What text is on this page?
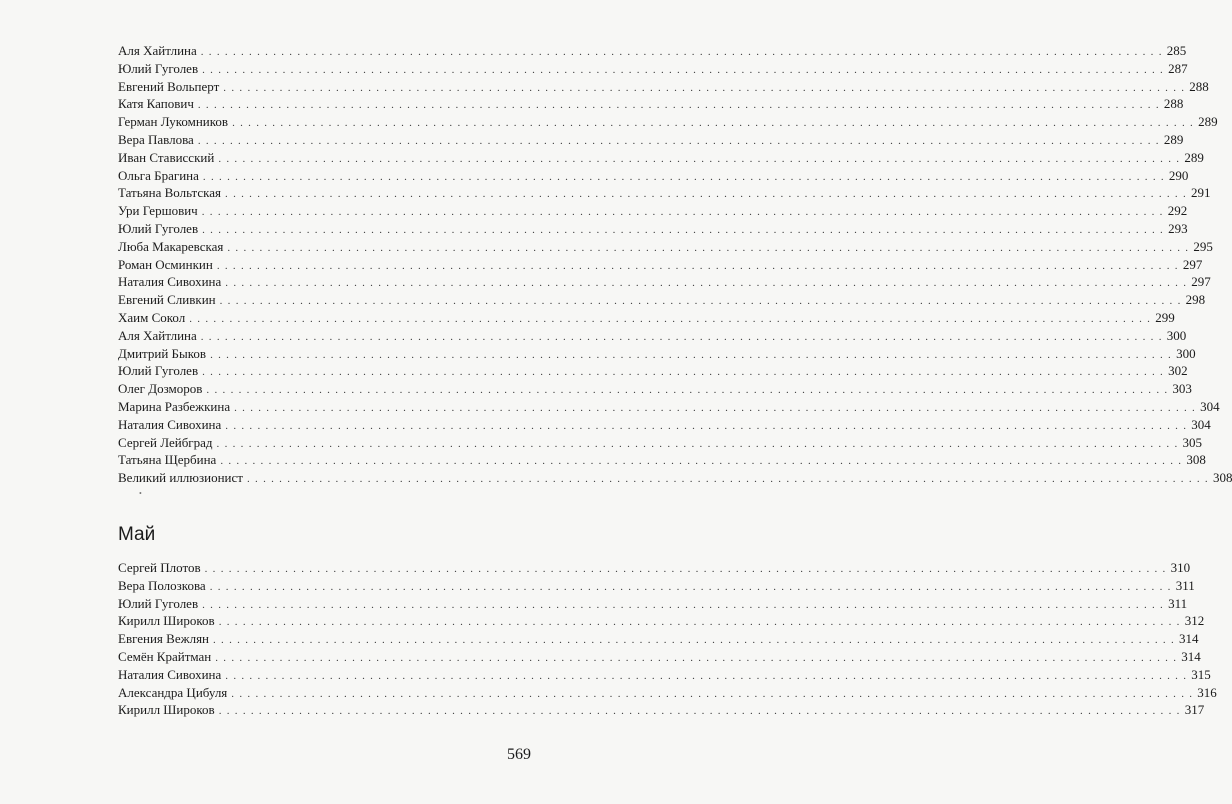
Аля Хайтлина ........................................................................................................................ 285
Юлий Гуголев ........................................................................................................................ 287
Евгений Вольперт ........................................................................................................................ 288
Катя Капович ........................................................................................................................ 288
Герман Лукомников ........................................................................................................................ 289
Вера Павлова ........................................................................................................................ 289
Иван Стависский ........................................................................................................................ 289
Ольга Брагина ........................................................................................................................ 290
Татьяна Вольтская ........................................................................................................................ 291
Ури Гершович ........................................................................................................................ 292
Юлий Гуголев ........................................................................................................................ 293
Люба Макаревская ........................................................................................................................ 295
Роман Осминкин ........................................................................................................................ 297
Наталия Сивохина ........................................................................................................................ 297
Евгений Сливкин ........................................................................................................................ 298
Хаим Сокол ........................................................................................................................ 299
Аля Хайтлина ........................................................................................................................ 300
Дмитрий Быков ........................................................................................................................ 300
Юлий Гуголев ........................................................................................................................ 302
Олег Дозморов ........................................................................................................................ 303
Марина Разбежкина ........................................................................................................................ 304
Наталия Сивохина ........................................................................................................................ 304
Сергей Лейбград ........................................................................................................................ 305
Татьяна Щербина ........................................................................................................................ 308
Великий иллюзионист ........................................................................................................................ 308
•
Май
Сергей Плотов ........................................................................................................................ 310
Вера Полозкова ........................................................................................................................ 311
Юлий Гуголев ........................................................................................................................ 311
Кирилл Широков ........................................................................................................................ 312
Евгения Вежлян ........................................................................................................................ 314
Семён Крайтман ........................................................................................................................ 314
Наталия Сивохина ........................................................................................................................ 315
Александра Цибуля ........................................................................................................................ 316
Кирилл Широков ........................................................................................................................ 317
569
